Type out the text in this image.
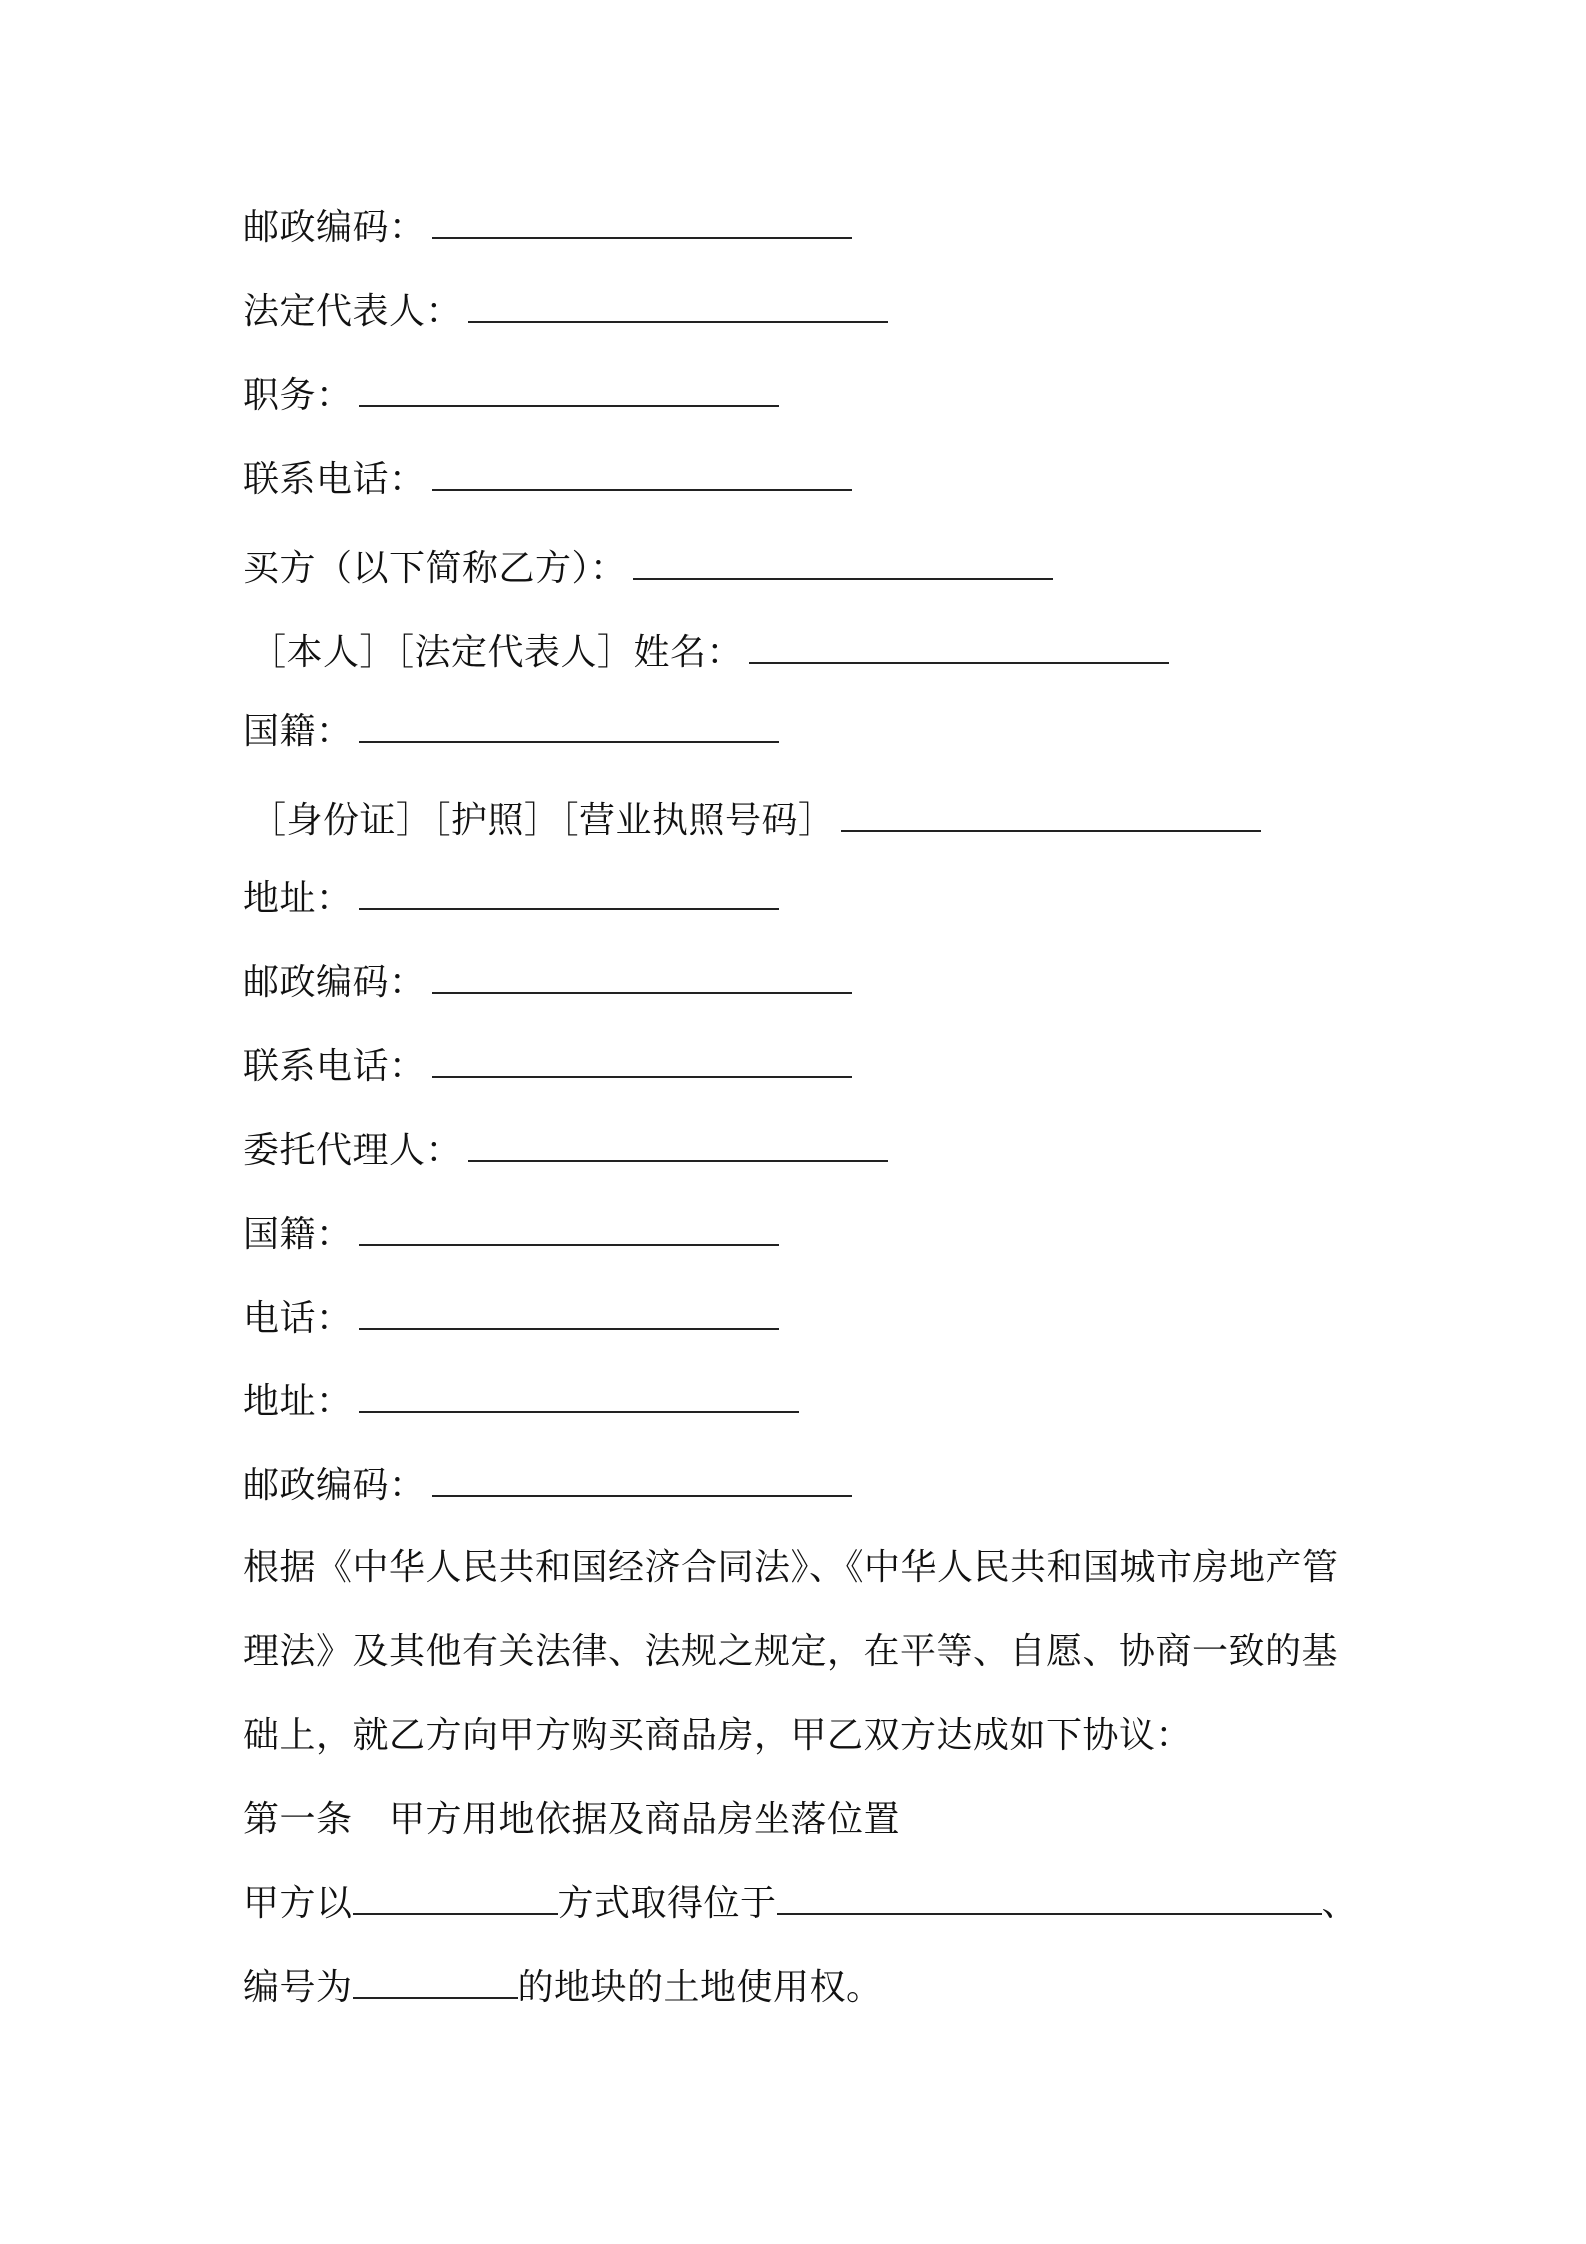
邮政编码：
法定代表人：
职务：
联系电话：
买方（以下简称乙方）：
［本人］［法定代表人］姓名：
国籍：
［身份证］［护照］［营业执照号码］
地址：
邮政编码：
联系电话：
委托代理人：
国籍：
电话：
地址：
邮政编码：
根据《中华人民共和国经济合同法》、《中华人民共和国城市房地产管
理法》及其他有关法律、法规之规定，在平等、自愿、协商一致的基
础上，就乙方向甲方购买商品房，甲乙双方达成如下协议：
第一条　甲方用地依据及商品房坐落位置
甲方以	方式取得位于	、
编号为	的地块的土地使用权。
